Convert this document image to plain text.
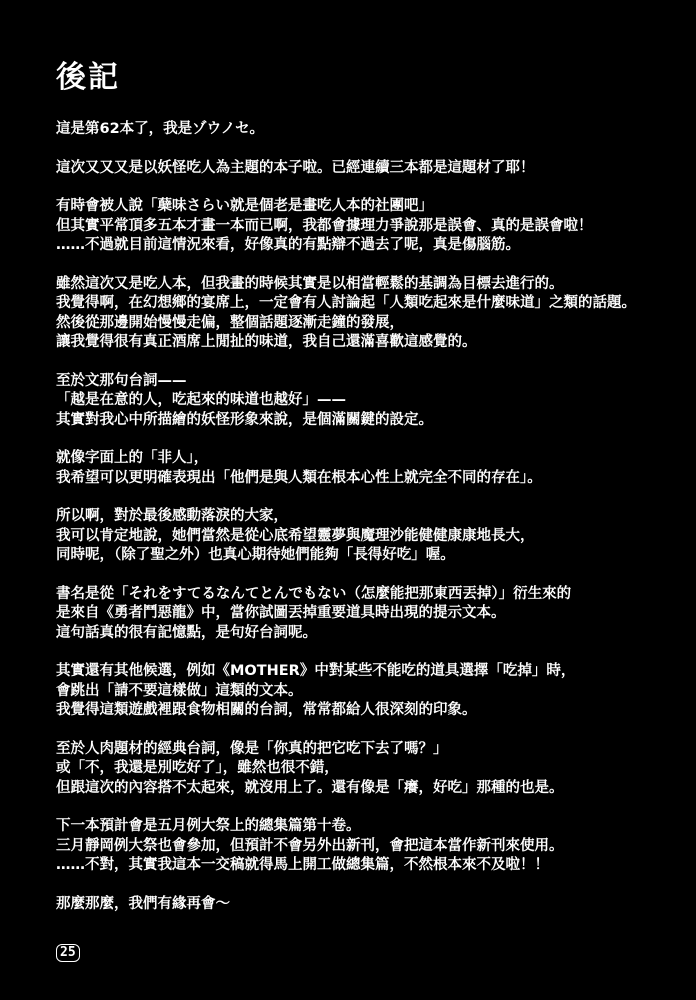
後記
這是第62本了，我是ゾウノセ。
這次又又又是以妖怪吃人為主題的本子啦。已經連續三本都是這題材了耶！
有時會被人說「蘖味さらい就是個老是畫吃人本的社團吧」
但其實平常頂多五本才畫一本而已啊，我都會據理力爭說那是誤會、真的是誤會啦！
……不過就目前這情況來看，好像真的有點辯不過去了呢，真是傷腦筋。
雖然這次又是吃人本，但我畫的時候其實是以相當輕鬆的基調為目標去進行的。
我覺得啊，在幻想鄉的宴席上，一定會有人討論起「人類吃起來是什麼味道」之類的話題。
然後從那邊開始慢慢走偏，整個話題逐漸走鐘的發展，
讓我覺得很有真正酒席上閒扯的味道，我自己還滿喜歡這感覺的。
至於文那句台詞——
「越是在意的人，吃起來的味道也越好」——
其實對我心中所描繪的妖怪形象來說，是個滿關鍵的設定。
就像字面上的「非人」，
我希望可以更明確表現出「他們是與人類在根本心性上就完全不同的存在」。
所以啊，對於最後感動落淚的大家，
我可以肯定地說，她們當然是從心底希望靈夢與魔理沙能健健康康地長大，
同時呢，（除了聖之外）也真心期待她們能夠「長得好吃」喔。
書名是從「それをすてるなんてとんでもない（怎麼能把那東西丟掉）」衍生來的
是來自《勇者鬥惡龍》中，當你試圖丟掉重要道具時出現的提示文本。
這句話真的很有記憶點，是句好台詞呢。
其實還有其他候選，例如《MOTHER》中對某些不能吃的道具選擇「吃掉」時，
會跳出「請不要這樣做」這類的文本。
我覺得這類遊戲裡跟食物相關的台詞，常常都給人很深刻的印象。
至於人肉題材的經典台詞，像是「你真的把它吃下去了嗎？」
或「不，我還是別吃好了」，雖然也很不錯，
但跟這次的內容搭不太起來，就沒用上了。還有像是「癢，好吃」那種的也是。
下一本預計會是五月例大祭上的總集篇第十卷。
三月靜岡例大祭也會參加，但預計不會另外出新刊，會把這本當作新刊來使用。
……不對，其實我這本一交稿就得馬上開工做總集篇，不然根本來不及啦！！
那麼那麼，我們有緣再會～
25
